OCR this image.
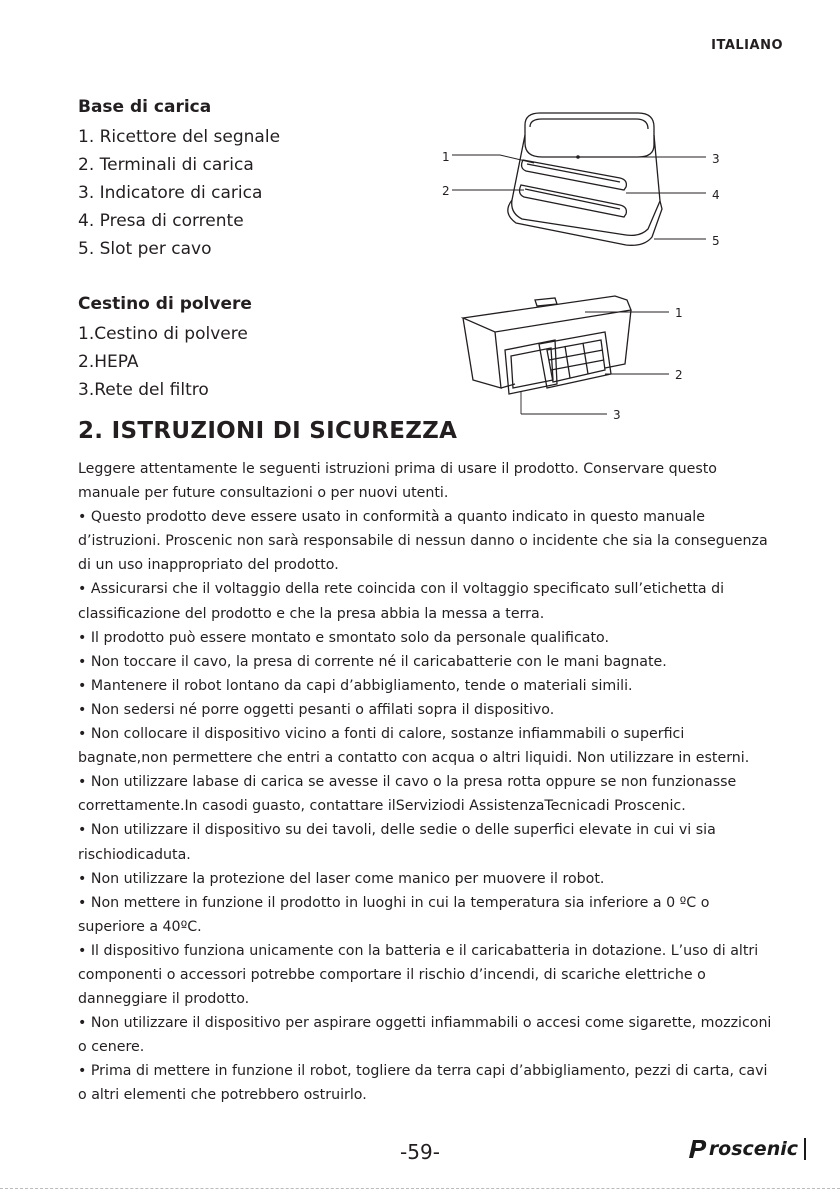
ITALIANO
Base di carica
1. Ricettore del segnale
2. Terminali di carica
3. Indicatore di carica
4. Presa di corrente
5. Slot per cavo
1
2
3
4
5
Cestino di polvere
1.Cestino di polvere
2.HEPA
3.Rete del filtro
1
2
3
2. ISTRUZIONI DI SICUREZZA

Leggere attentamente le seguenti istruzioni prima di usare il prodotto. Conservare questo manuale per future consultazioni o per nuovi utenti.

• Questo prodotto deve essere usato in conformità a quanto indicato in questo manuale d’istruzioni. Proscenic non sarà responsabile di nessun danno o incidente che sia la conseguenza di un uso inappropriato del prodotto.

• Assicurarsi che il voltaggio della rete coincida con il voltaggio specificato sull’etichetta di classificazione del prodotto e che la presa abbia la messa a terra.

• Il prodotto può essere montato e smontato solo da personale qualificato.

• Non toccare il cavo, la presa di corrente né il caricabatterie con le mani bagnate.

• Mantenere il robot lontano da capi d’abbigliamento, tende o materiali simili.

• Non sedersi né porre oggetti pesanti o affilati sopra il dispositivo.

• Non collocare il dispositivo vicino a fonti di calore, sostanze infiammabili o superfici bagnate,non permettere che entri a contatto con acqua o altri liquidi. Non utilizzare in esterni.

• Non utilizzare labase di carica se avesse il cavo o la presa rotta oppure se non funzionasse correttamente.In casodi guasto, contattare ilServiziodi AssistenzaTecnicadi Proscenic.

• Non utilizzare il dispositivo su dei tavoli, delle sedie o delle superfici elevate in cui vi sia rischiodicaduta.

• Non utilizzare la protezione del laser come manico per muovere il robot.

• Non mettere in funzione il prodotto in luoghi in cui la temperatura sia inferiore a 0 ºC o superiore a 40ºC.

• Il dispositivo funziona unicamente con la batteria e il caricabatteria in dotazione. L’uso di altri componenti o accessori potrebbe comportare il rischio d’incendi, di scariche elettriche o danneggiare il prodotto.

• Non utilizzare il dispositivo per aspirare oggetti infiammabili o accesi come sigarette, mozziconi o cenere.

• Prima di mettere in funzione il robot, togliere da terra capi d’abbigliamento, pezzi di carta, cavi o altri elementi che potrebbero ostruirlo.

-59-	roscenic
